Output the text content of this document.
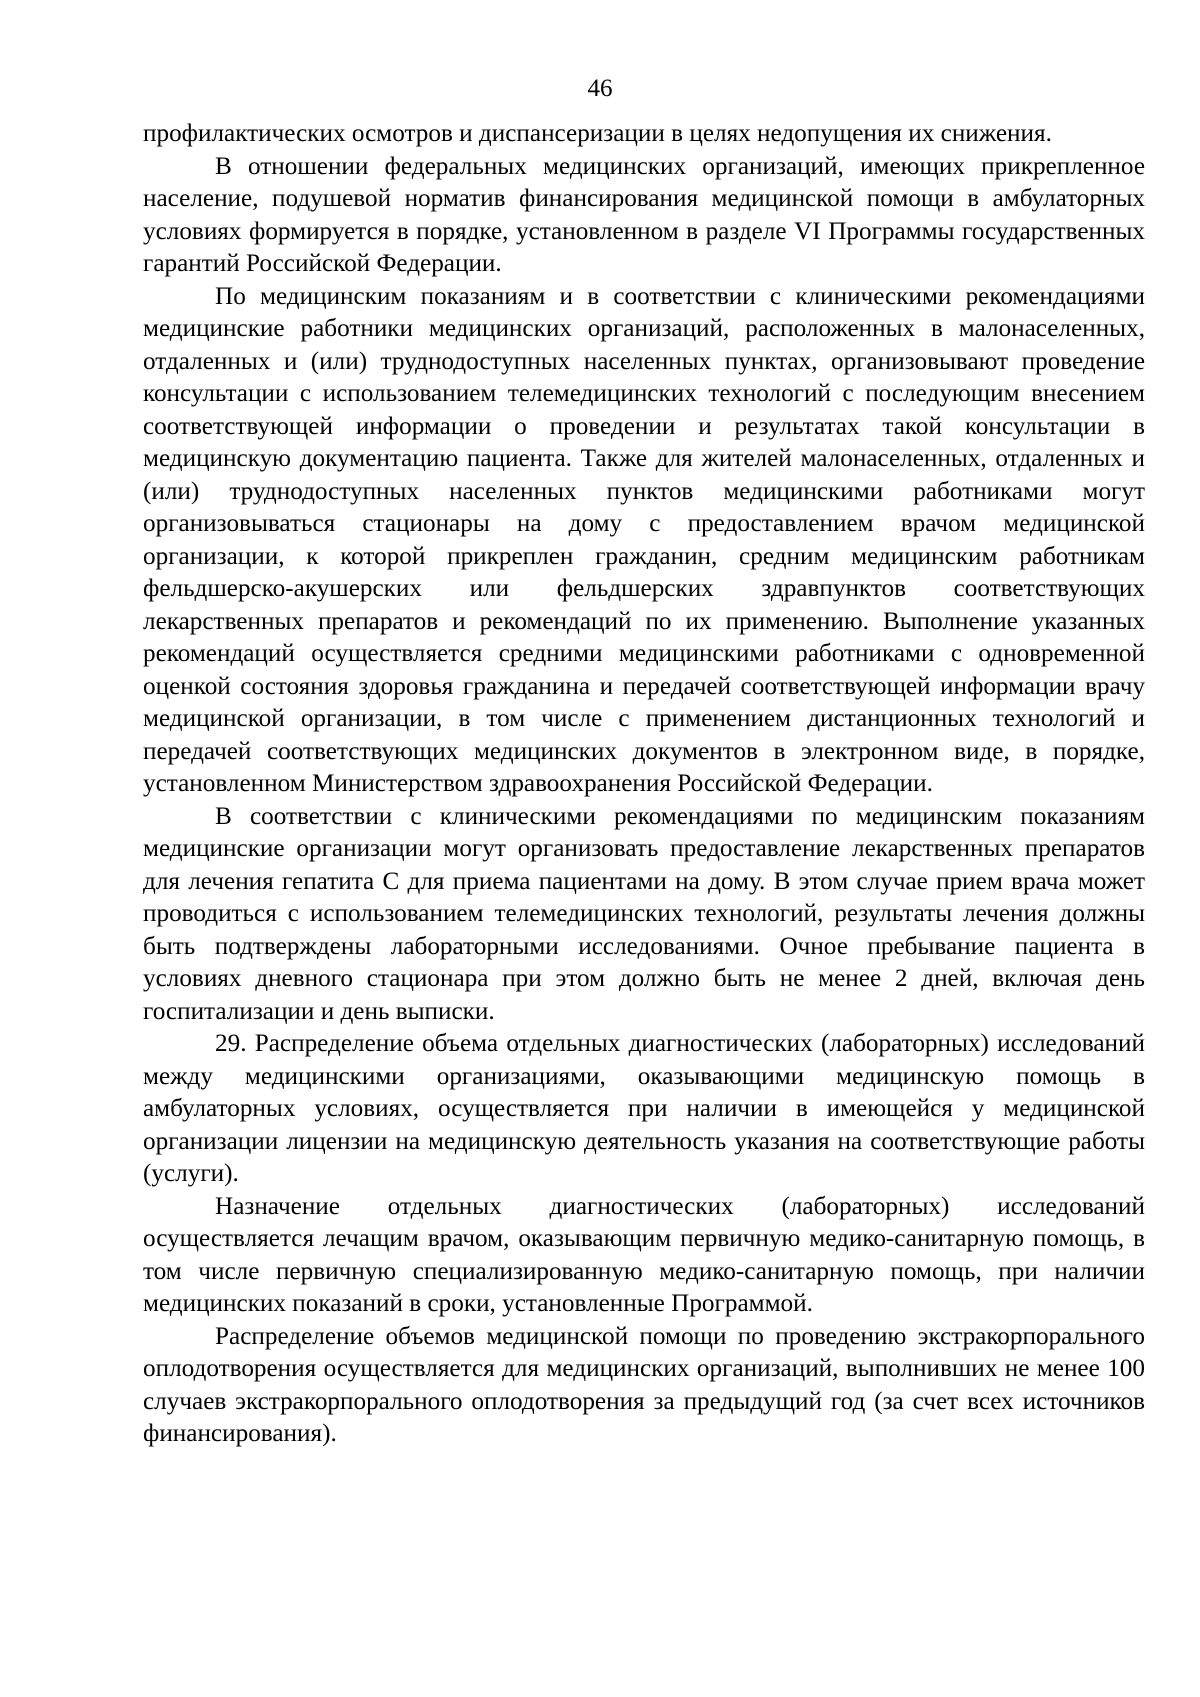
46

профилактических осмотров и диспансеризации в целях недопущения их снижения.

В отношении федеральных медицинских организаций, имеющих прикрепленное население, подушевой норматив финансирования медицинской помощи в амбулаторных условиях формируется в порядке, установленном в разделе VI Программы государственных гарантий Российской Федерации.

По медицинским показаниям и в соответствии с клиническими рекомендациями медицинские работники медицинских организаций, расположенных в малонаселенных, отдаленных и (или) труднодоступных населенных пунктах, организовывают проведение консультации с использованием телемедицинских технологий с последующим внесением соответствующей информации о проведении и результатах такой консультации в медицинскую документацию пациента. Также для жителей малонаселенных, отдаленных и (или) труднодоступных населенных пунктов медицинскими работниками могут организовываться стационары на дому с предоставлением врачом медицинской организации, к которой прикреплен гражданин, средним медицинским работникам фельдшерско-акушерских или фельдшерских здравпунктов соответствующих лекарственных препаратов и рекомендаций по их применению. Выполнение указанных рекомендаций осуществляется средними медицинскими работниками с одновременной оценкой состояния здоровья гражданина и передачей соответствующей информации врачу медицинской организации, в том числе с применением дистанционных технологий и передачей соответствующих медицинских документов в электронном виде, в порядке, установленном Министерством здравоохранения Российской Федерации.

В соответствии с клиническими рекомендациями по медицинским показаниям медицинские организации могут организовать предоставление лекарственных препаратов для лечения гепатита С для приема пациентами на дому. В этом случае прием врача может проводиться с использованием телемедицинских технологий, результаты лечения должны быть подтверждены лабораторными исследованиями. Очное пребывание пациента в условиях дневного стационара при этом должно быть не менее 2 дней, включая день госпитализации и день выписки.

29. Распределение объема отдельных диагностических (лабораторных) исследований между медицинскими организациями, оказывающими медицинскую помощь в амбулаторных условиях, осуществляется при наличии в имеющейся у медицинской организации лицензии на медицинскую деятельность указания на соответствующие работы (услуги).

Назначение отдельных диагностических (лабораторных) исследований осуществляется лечащим врачом, оказывающим первичную медико-санитарную помощь, в том числе первичную специализированную медико-санитарную помощь, при наличии медицинских показаний в сроки, установленные Программой.

Распределение объемов медицинской помощи по проведению экстракорпорального оплодотворения осуществляется для медицинских организаций, выполнивших не менее 100 случаев экстракорпорального оплодотворения за предыдущий год (за счет всех источников финансирования).
